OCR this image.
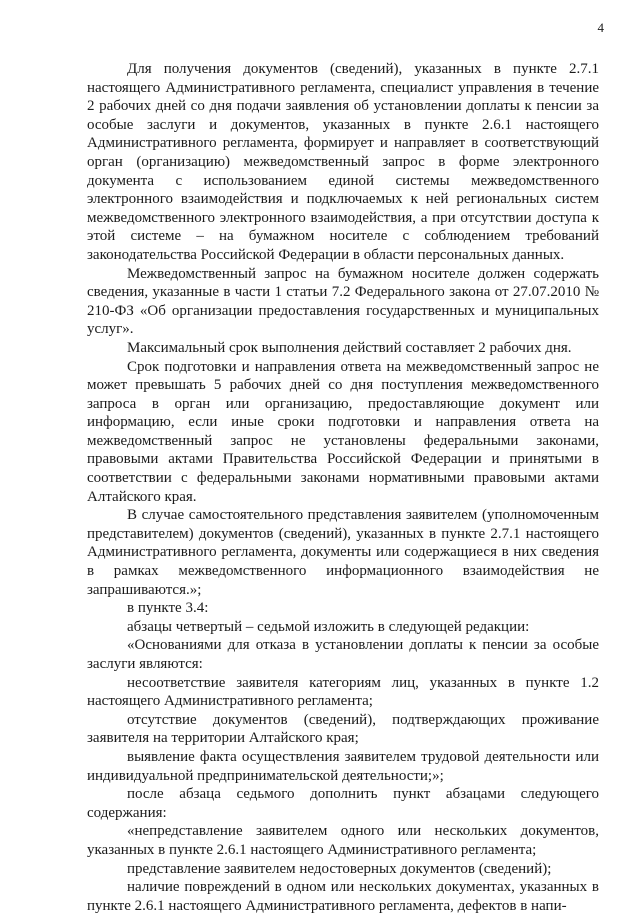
4

Для получения документов (сведений), указанных в пункте 2.7.1 настоящего Административного регламента, специалист управления в течение 2 рабочих дней со дня подачи заявления об установлении доплаты к пенсии за особые заслуги и документов, указанных в пункте 2.6.1 настоящего Административного регламента, формирует и направляет в соответствующий орган (организацию) межведомственный запрос в форме электронного документа с использованием единой системы межведомственного электронного взаимодействия и подключаемых к ней региональных систем межведомственного электронного взаимодействия, а при отсутствии доступа к этой системе – на бумажном носителе с соблюдением требований законодательства Российской Федерации в области персональных данных.

Межведомственный запрос на бумажном носителе должен содержать сведения, указанные в части 1 статьи 7.2 Федерального закона от 27.07.2010 № 210-ФЗ «Об организации предоставления государственных и муниципальных услуг».

Максимальный срок выполнения действий составляет 2 рабочих дня.

Срок подготовки и направления ответа на межведомственный запрос не может превышать 5 рабочих дней со дня поступления межведомственного запроса в орган или организацию, предоставляющие документ или информацию, если иные сроки подготовки и направления ответа на межведомственный запрос не установлены федеральными законами, правовыми актами Правительства Российской Федерации и принятыми в соответствии с федеральными законами нормативными правовыми актами Алтайского края.

В случае самостоятельного представления заявителем (уполномоченным представителем) документов (сведений), указанных в пункте 2.7.1 настоящего Административного регламента, документы или содержащиеся в них сведения в рамках межведомственного информационного взаимодействия не запрашиваются.»;

в пункте 3.4:

абзацы четвертый – седьмой изложить в следующей редакции:

«Основаниями для отказа в установлении доплаты к пенсии за особые заслуги являются:

несоответствие заявителя категориям лиц, указанных в пункте 1.2 настоящего Административного регламента;

отсутствие документов (сведений), подтверждающих проживание заявителя на территории Алтайского края;

выявление факта осуществления заявителем трудовой деятельности или индивидуальной предпринимательской деятельности;»;

после абзаца седьмого дополнить пункт абзацами следующего содержания:

«непредставление заявителем одного или нескольких документов, указанных в пункте 2.6.1 настоящего Административного регламента;

представление заявителем недостоверных документов (сведений);

наличие повреждений в одном или нескольких документах, указанных в пункте 2.6.1 настоящего Административного регламента, дефектов в напи-
